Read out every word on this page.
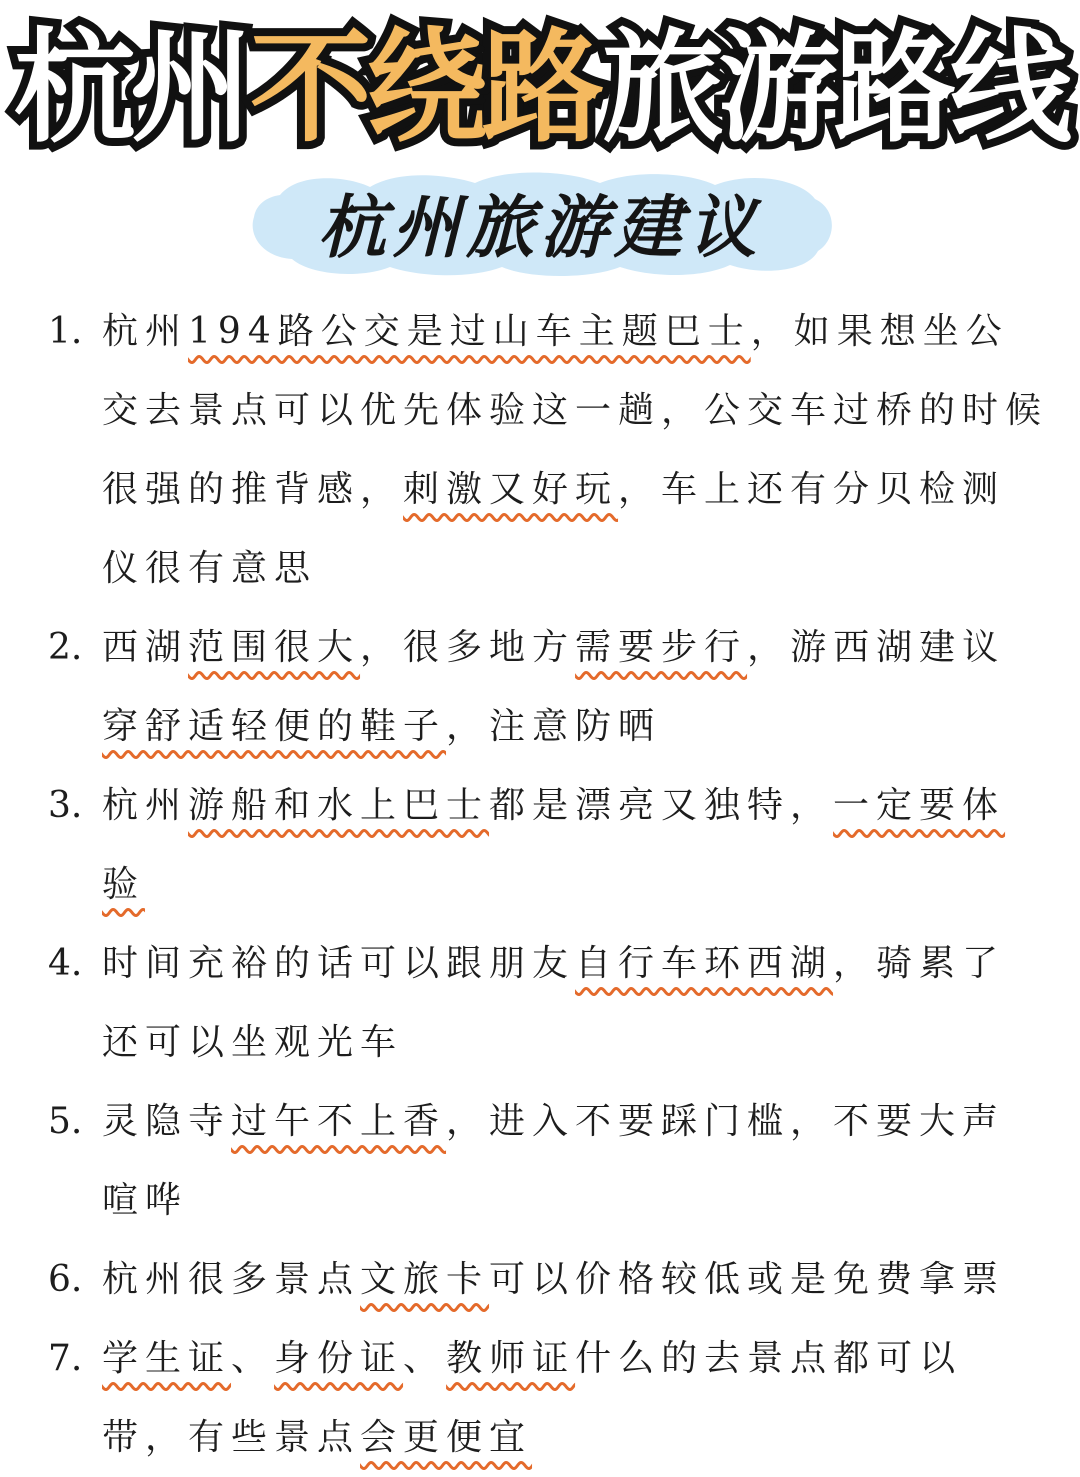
杭州 不绕路 旅游路线
杭州旅游建议
1. 杭州194路公交是过山车主题巴士，如果想坐公交去景点可以优先体验这一趟，公交车过桥的时候很强的推背感，刺激又好玩，车上还有分贝检测仪很有意思
2. 西湖范围很大，很多地方需要步行，游西湖建议穿舒适轻便的鞋子，注意防晒
3. 杭州游船和水上巴士都是漂亮又独特，一定要体验
4. 时间充裕的话可以跟朋友自行车环西湖，骑累了还可以坐观光车
5. 灵隐寺过午不上香，进入不要踩门槛，不要大声喧哗
6. 杭州很多景点文旅卡可以价格较低或是免费拿票
7. 学生证、身份证、教师证什么的去景点都可以带，有些景点会更便宜
